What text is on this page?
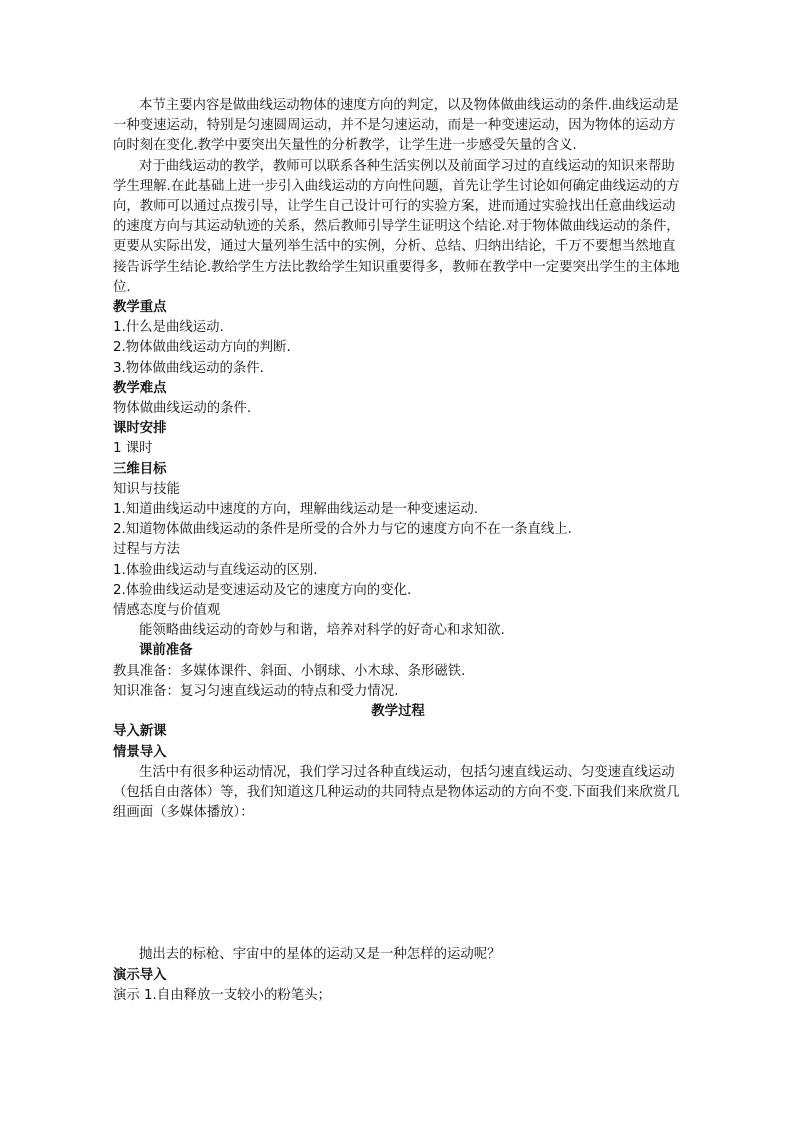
本节主要内容是做曲线运动物体的速度方向的判定，以及物体做曲线运动的条件.曲线运动是一种变速运动，特别是匀速圆周运动，并不是匀速运动，而是一种变速运动，因为物体的运动方向时刻在变化.教学中要突出矢量性的分析教学，让学生进一步感受矢量的含义.

对于曲线运动的教学，教师可以联系各种生活实例以及前面学习过的直线运动的知识来帮助学生理解.在此基础上进一步引入曲线运动的方向性问题，首先让学生讨论如何确定曲线运动的方向，教师可以通过点拨引导，让学生自己设计可行的实验方案，进而通过实验找出任意曲线运动的速度方向与其运动轨迹的关系，然后教师引导学生证明这个结论.对于物体做曲线运动的条件，更要从实际出发，通过大量列举生活中的实例，分析、总结、归纳出结论，千万不要想当然地直接告诉学生结论.教给学生方法比教给学生知识重要得多，教师在教学中一定要突出学生的主体地位.

教学重点

1.什么是曲线运动.

2.物体做曲线运动方向的判断.

3.物体做曲线运动的条件.

教学难点

物体做曲线运动的条件.

课时安排

1 课时

三维目标

知识与技能

1.知道曲线运动中速度的方向，理解曲线运动是一种变速运动.

2.知道物体做曲线运动的条件是所受的合外力与它的速度方向不在一条直线上.

过程与方法

1.体验曲线运动与直线运动的区别.

2.体验曲线运动是变速运动及它的速度方向的变化.

情感态度与价值观

能领略曲线运动的奇妙与和谐，培养对科学的好奇心和求知欲.

课前准备

教具准备：多媒体课件、斜面、小钢球、小木球、条形磁铁.

知识准备：复习匀速直线运动的特点和受力情况.

教学过程

导入新课

情景导入

生活中有很多种运动情况，我们学习过各种直线运动，包括匀速直线运动、匀变速直线运动（包括自由落体）等，我们知道这几种运动的共同特点是物体运动的方向不变.下面我们来欣赏几组画面（多媒体播放）：

抛出去的标枪、宇宙中的星体的运动又是一种怎样的运动呢？

演示导入

演示 1.自由释放一支较小的粉笔头；
